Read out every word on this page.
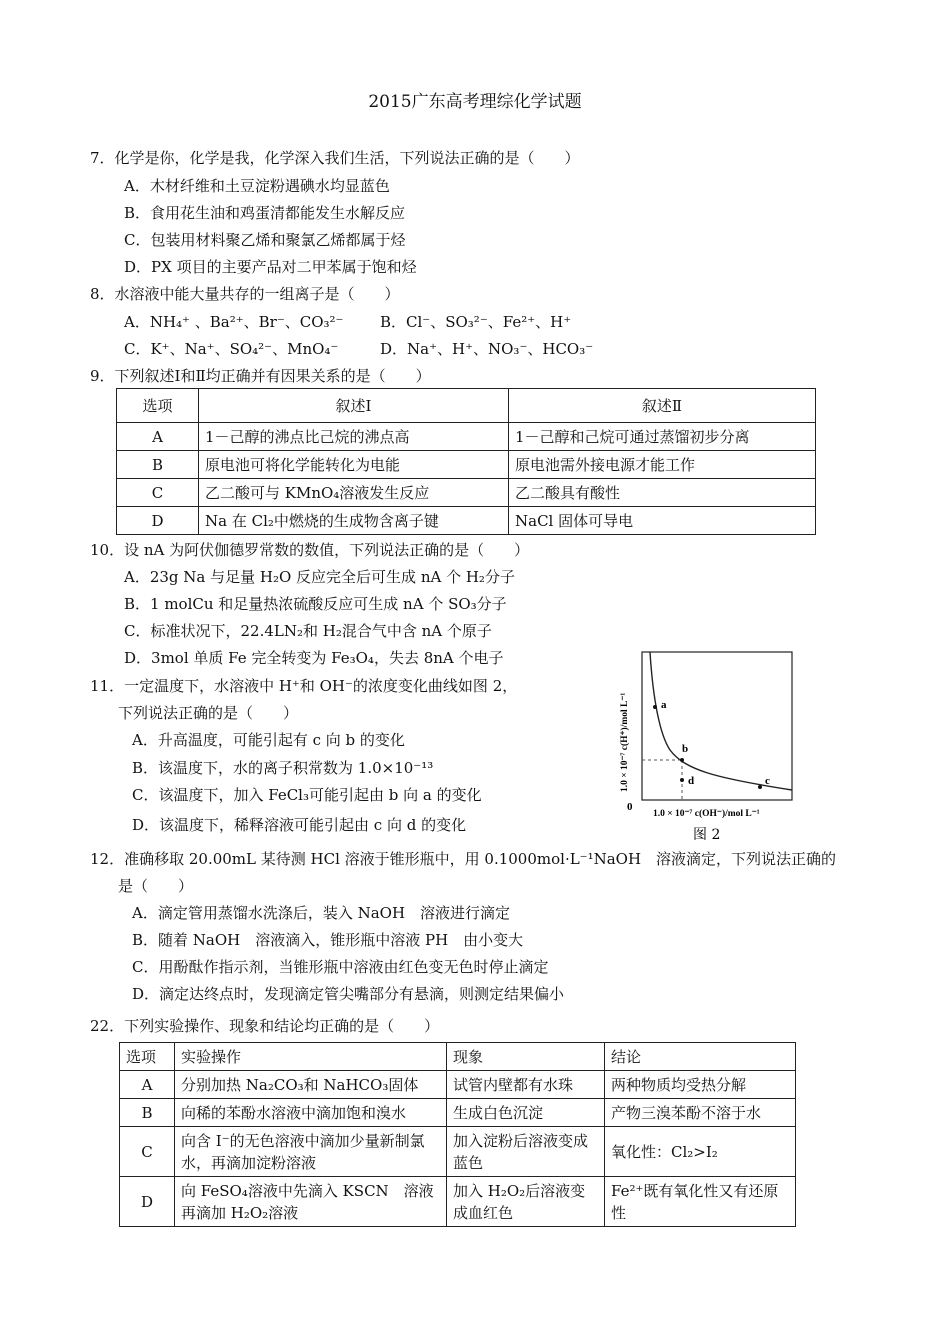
2015广东高考理综化学试题
7．化学是你，化学是我，化学深入我们生活，下列说法正确的是（　　）
A．木材纤维和土豆淀粉遇碘水均显蓝色
B．食用花生油和鸡蛋清都能发生水解反应
C．包装用材料聚乙烯和聚氯乙烯都属于烃
D．PX 项目的主要产品对二甲苯属于饱和烃
8．水溶液中能大量共存的一组离子是（　　）
A．NH₄⁺ 、Ba²⁺、Br⁻、CO₃²⁻ B．Cl⁻、SO₃²⁻、Fe²⁺、H⁺
C．K⁺、Na⁺、SO₄²⁻、MnO₄⁻	D．Na⁺、H⁺、NO₃⁻、HCO₃⁻
9．下列叙述Ⅰ和Ⅱ均正确并有因果关系的是（　　）
选项	叙述Ⅰ	叙述Ⅱ
A	1－己醇的沸点比己烷的沸点高	1－己醇和己烷可通过蒸馏初步分离
B	原电池可将化学能转化为电能	原电池需外接电源才能工作
C	乙二酸可与 KMnO₄溶液发生反应	乙二酸具有酸性
D	Na 在 Cl₂中燃烧的生成物含离子键	NaCl 固体可导电
10．设 nA 为阿伏伽德罗常数的数值，下列说法正确的是（　　）
A．23g Na 与足量 H₂O 反应完全后可生成 nA 个 H₂分子
B．1 molCu 和足量热浓硫酸反应可生成 nA 个 SO₃分子
C．标准状况下，22.4LN₂和 H₂混合气中含 nA 个原子
D．3mol 单质 Fe 完全转变为 Fe₃O₄，失去 8nA 个电子
11．一定温度下，水溶液中 H⁺和 OH⁻的浓度变化曲线如图 2，
下列说法正确的是（　　）
A．升高温度，可能引起有 c 向 b 的变化
B．该温度下，水的离子积常数为 1.0×10⁻¹³
C．该温度下，加入 FeCl₃可能引起由 b 向 a 的变化
D．该温度下，稀释溶液可能引起由 c 向 d 的变化
a
b
c
d
0
1.0 × 10⁻⁷ c(H⁺)/mol L⁻¹
1.0 × 10⁻⁷ c(OH⁻)/mol L⁻¹
图 2
12．准确移取 20.00mL 某待测 HCl 溶液于锥形瓶中，用 0.1000mol·L⁻¹NaOH　溶液滴定，下列说法正确的
是（　　）
A．滴定管用蒸馏水洗涤后，装入 NaOH　溶液进行滴定
B．随着 NaOH　溶液滴入，锥形瓶中溶液 PH　由小变大
C．用酚酞作指示剂，当锥形瓶中溶液由红色变无色时停止滴定
D．滴定达终点时，发现滴定管尖嘴部分有悬滴，则测定结果偏小
22．下列实验操作、现象和结论均正确的是（　　）
选项	实验操作	现象	结论
A	分别加热 Na₂CO₃和 NaHCO₃固体	试管内壁都有水珠	两种物质均受热分解
B	向稀的苯酚水溶液中滴加饱和溴水	生成白色沉淀	产物三溴苯酚不溶于水
C	向含 I⁻的无色溶液中滴加少量新制氯水，再滴加淀粉溶液	加入淀粉后溶液变成蓝色	氧化性：Cl₂>I₂
D	向 FeSO₄溶液中先滴入 KSCN　溶液再滴加 H₂O₂溶液	加入 H₂O₂后溶液变成血红色	Fe²⁺既有氧化性又有还原性
